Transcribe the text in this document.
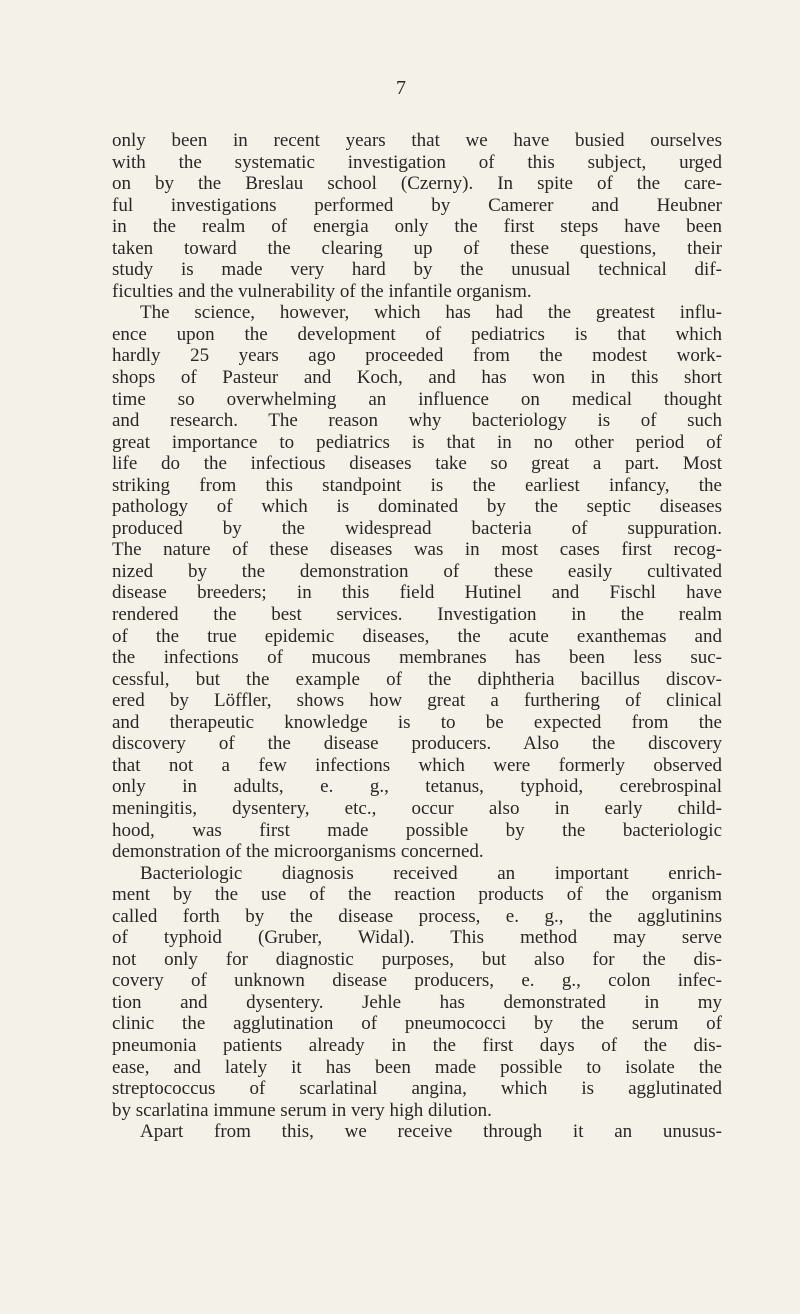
7
only been in recent years that we have busied ourselves
with the systematic investigation of this subject, urged
on by the Breslau school (Czerny). In spite of the care-
ful investigations performed by Camerer and Heubner
in the realm of energia only the first steps have been
taken toward the clearing up of these questions, their
study is made very hard by the unusual technical dif-
ficulties and the vulnerability of the infantile organism.
The science, however, which has had the greatest influ-
ence upon the development of pediatrics is that which
hardly 25 years ago proceeded from the modest work-
shops of Pasteur and Koch, and has won in this short
time so overwhelming an influence on medical thought
and research. The reason why bacteriology is of such
great importance to pediatrics is that in no other period of
life do the infectious diseases take so great a part. Most
striking from this standpoint is the earliest infancy, the
pathology of which is dominated by the septic diseases
produced by the widespread bacteria of suppuration.
The nature of these diseases was in most cases first recog-
nized by the demonstration of these easily cultivated
disease breeders; in this field Hutinel and Fischl have
rendered the best services. Investigation in the realm
of the true epidemic diseases, the acute exanthemas and
the infections of mucous membranes has been less suc-
cessful, but the example of the diphtheria bacillus discov-
ered by Löffler, shows how great a furthering of clinical
and therapeutic knowledge is to be expected from the
discovery of the disease producers. Also the discovery
that not a few infections which were formerly observed
only in adults, e. g., tetanus, typhoid, cerebrospinal
meningitis, dysentery, etc., occur also in early child-
hood, was first made possible by the bacteriologic
demonstration of the microorganisms concerned.
Bacteriologic diagnosis received an important enrich-
ment by the use of the reaction products of the organism
called forth by the disease process, e. g., the agglutinins
of typhoid (Gruber, Widal). This method may serve
not only for diagnostic purposes, but also for the dis-
covery of unknown disease producers, e. g., colon infec-
tion and dysentery. Jehle has demonstrated in my
clinic the agglutination of pneumococci by the serum of
pneumonia patients already in the first days of the dis-
ease, and lately it has been made possible to isolate the
streptococcus of scarlatinal angina, which is agglutinated
by scarlatina immune serum in very high dilution.
Apart from this, we receive through it an unusus-
